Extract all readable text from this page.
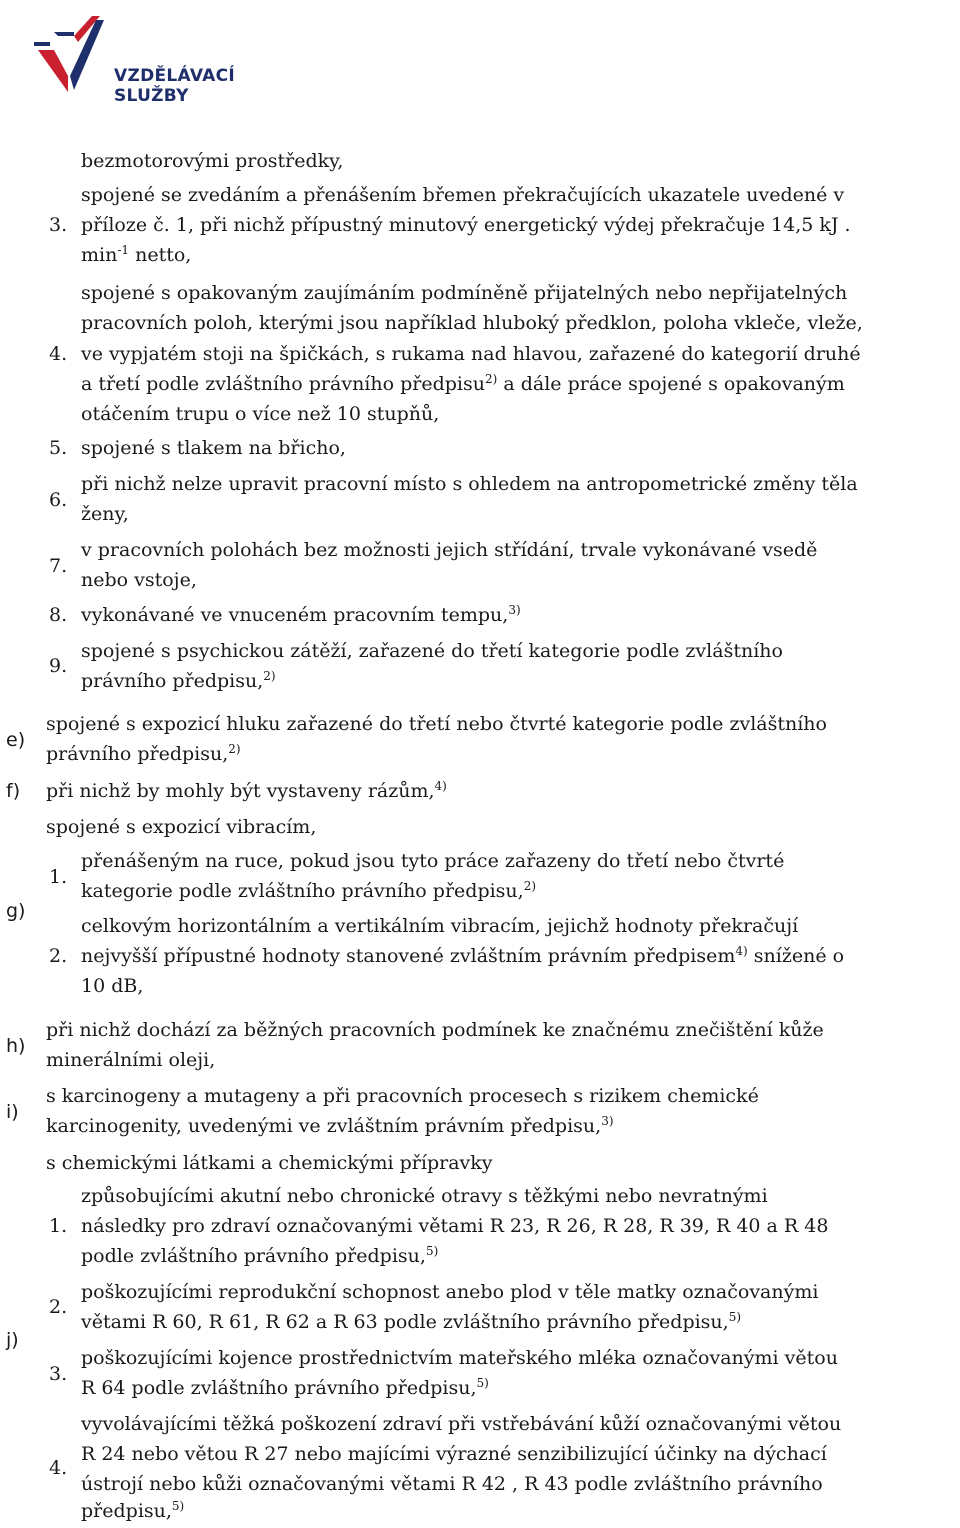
VZDĚLÁVACÍ
SLUŽBY
bezmotorovými prostředky,
3.
spojené se zvedáním a přenášením břemen překračujících ukazatele uvedené v
příloze č. 1, při nichž přípustný minutový energetický výdej překračuje 14,5 kJ .
$\min^{-1}$ netto,
4.
spojené s opakovaným zaujímáním podmíněně přijatelných nebo nepřijatelných
pracovních poloh, kterými jsou například hluboký předklon, poloha vkleče, vleže,
ve vypjatém stoji na špičkách, s rukama nad hlavou, zařazené do kategorií druhé
a třetí podle zvláštního právního předpisu$^{2)}$ a dále práce spojené s opakovaným
otáčením trupu o více než 10 stupňů,
5. spojené s tlakem na břicho,
6.
při nichž nelze upravit pracovní místo s ohledem na antropometrické změny těla
ženy,
7.
v pracovních polohách bez možnosti jejich střídání, trvale vykonávané vsedě
nebo vstoje,
8. vykonávané ve vnuceném pracovním tempu,$^{3)}$
9.
spojené s psychickou zátěží, zařazené do třetí kategorie podle zvláštního
právního předpisu,$^{2)}$
e)
spojené s expozicí hluku zařazené do třetí nebo čtvrté kategorie podle zvláštního
právního předpisu,$^{2)}$
f) při nichž by mohly být vystaveny rázům,$^{4)}$
g)
spojené s expozicí vibracím,
1.
přenášeným na ruce, pokud jsou tyto práce zařazeny do třetí nebo čtvrté
kategorie podle zvláštního právního předpisu,$^{2)}$
2.
celkovým horizontálním a vertikálním vibracím, jejichž hodnoty překračují
nejvyšší přípustné hodnoty stanovené zvláštním právním předpisem$^{4)}$ snížené o
10 dB,
h)
při nichž dochází za běžných pracovních podmínek ke značnému znečištění kůže
minerálními oleji,
i)
s karcinogeny a mutageny a při pracovních procesech s rizikem chemické
karcinogenity, uvedenými ve zvláštním právním předpisu,$^{3)}$
j)
s chemickými látkami a chemickými přípravky
1.
způsobujícími akutní nebo chronické otravy s těžkými nebo nevratnými
následky pro zdraví označovanými větami R 23, R 26, R 28, R 39, R 40 a R 48
podle zvláštního právního předpisu,$^{5)}$
2.
poškozujícími reprodukční schopnost anebo plod v těle matky označovanými
větami R 60, R 61, R 62 a R 63 podle zvláštního právního předpisu,$^{5)}$
3.
poškozujícími kojence prostřednictvím mateřského mléka označovanými větou
R 64 podle zvláštního právního předpisu,$^{5)}$
4.
vyvolávajícími těžká poškození zdraví při vstřebávání kůží označovanými větou
R 24 nebo větou R 27 nebo majícími výrazné senzibilizující účinky na dýchací
ústrojí nebo kůži označovanými větami R 42 , R 43 podle zvláštního právního
předpisu,$^{5)}$
